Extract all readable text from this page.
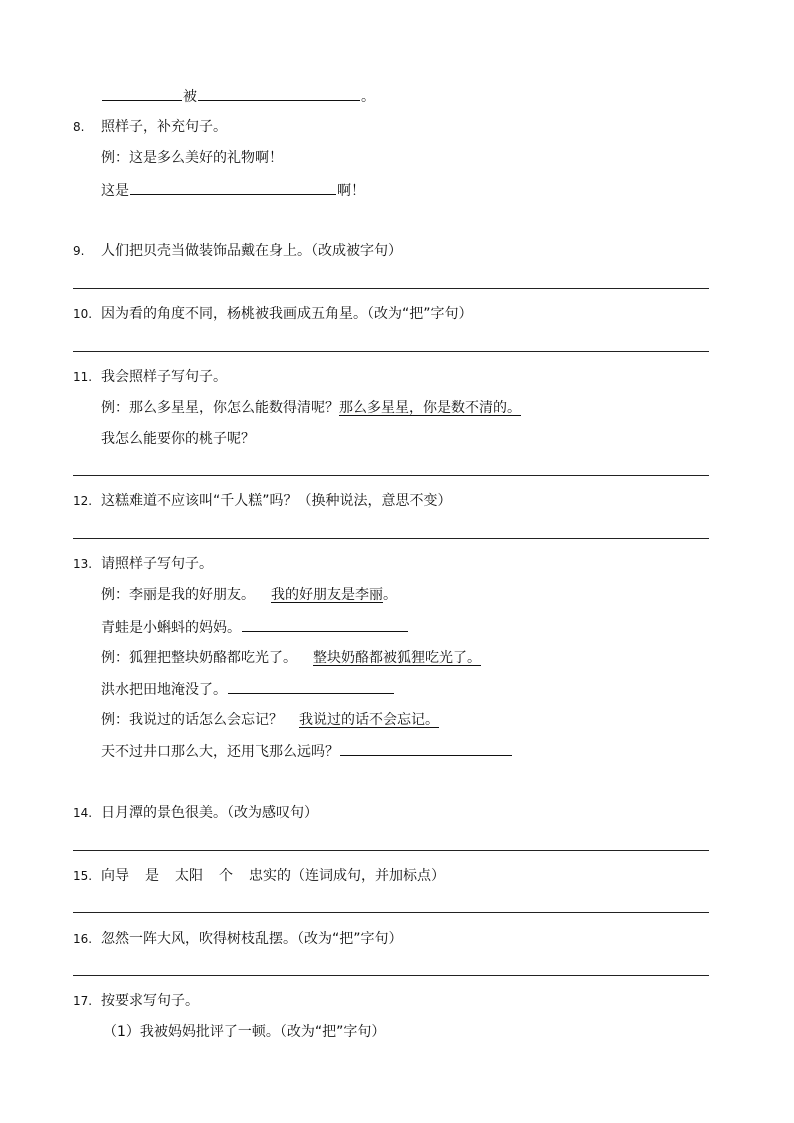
被	。
8. 照样子，补充句子。
例：这是多么美好的礼物啊！
这是	啊！
9. 人们把贝壳当做装饰品戴在身上。（改成被字句）
10. 因为看的角度不同，杨桃被我画成五角星。（改为“把”字句）
11. 我会照样子写句子。
例：那么多星星，你怎么能数得清呢？那么多星星，你是数不清的。
我怎么能要你的桃子呢？
12. 这糕难道不应该叫“千人糕”吗？（换种说法，意思不变）
13. 请照样子写句子。
例：李丽是我的好朋友。 我的好朋友是李丽。
青蛙是小蝌蚪的妈妈。
例：狐狸把整块奶酪都吃光了。 整块奶酪都被狐狸吃光了。
洪水把田地淹没了。
例：我说过的话怎么会忘记？ 我说过的话不会忘记。
天不过井口那么大，还用飞那么远吗？
14. 日月潭的景色很美。（改为感叹句）
15. 向导 是 太阳 个 忠实的（连词成句，并加标点）
16. 忽然一阵大风，吹得树枝乱摆。（改为“把”字句）
17. 按要求写句子。
（1）我被妈妈批评了一顿。（改为“把”字句）
